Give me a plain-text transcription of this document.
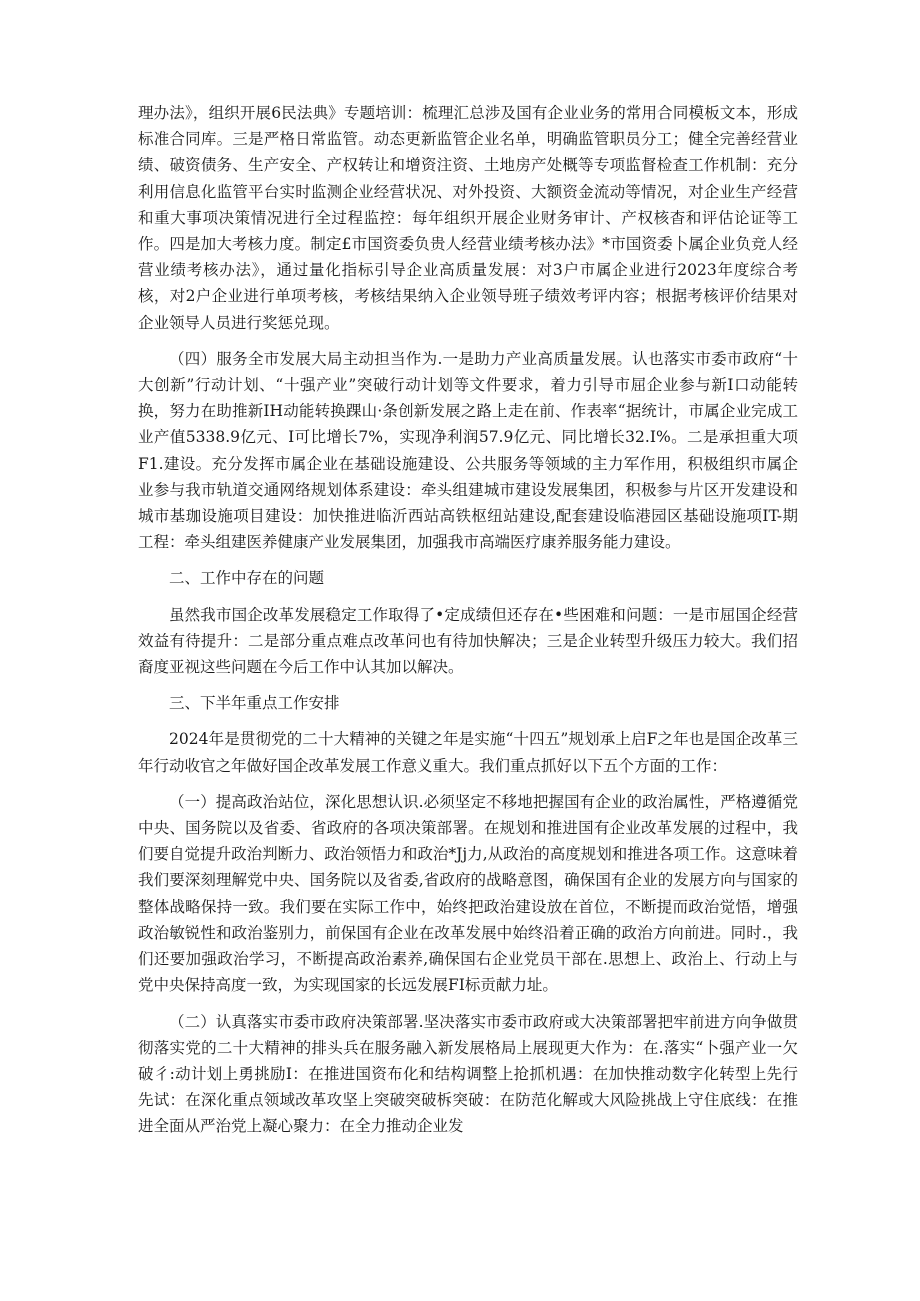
理办法》，组织开展6民法典》专题培训：梳理汇总涉及国有企业业务的常用合同模板文本，形成标准合同库。三是严格日常监管。动态更新监管企业名单，明确监管职员分工；健全完善经营业绩、破资债务、生产安全、产权转让和增资注资、土地房产处概等专项监督检查工作机制：充分利用信息化监管平台实时监测企业经营状况、对外投资、大额资金流动等情况，对企业生产经营和重大事项决策情况进行全过程监控：每年组织开展企业财务审计、产权核杳和评估论证等工作。四是加大考核力度。制定£市国资委负贵人经营业绩考核办法》*市国资委卜属企业负竞人经营业绩考核办法》，通过量化指标引导企业高质量发展：对3户市属企业进行2023年度综合考核，对2户企业进行单项考核，考核结果纳入企业领导班子绩效考评内容；根据考核评价结果对企业领导人员进行奖惩兑现。

（四）服务全市发展大局主动担当作为.一是助力产业高质量发展。认也落实市委市政府“十大创新”行动计划、“十强产业”突破行动计划等文件要求，着力引导市屈企业参与新I口动能转换，努力在助推新IH动能转换踝山·条创新发展之路上走在前、作表率“据统计，市属企业完成工业产值5338.9亿元、I可比增长7%，实现净利润57.9亿元、同比增长32.I%。二是承担重大项F1.建设。充分发挥市属企业在基础设施建设、公共服务等领域的主力军作用，积极组织市属企业参与我市轨道交通网络规划体系建设：牵头组建城市建设发展集团，积极参与片区开发建设和城市基珈设施项目建设：加快推进临沂西站高铁枢纽站建设,配套建设临港园区基础设施项IT-期工程：牵头组建医养健康产业发展集团，加强我市高端医疗康养服务能力建设。

二、工作中存在的问题

虽然我市国企改革发展稳定工作取得了•定成绩但还存在•些困难和问题：一是市屈国企经营效益有待提升：二是部分重点难点改革问也有待加快解决；三是企业转型升级压力较大。我们招裔度亚视这些问题在今后工作中认其加以解决。

三、下半年重点工作安排

2024年是贯彻党的二十大精神的关键之年是实施“十四五”规划承上启F之年也是国企改革三年行动收官之年做好国企改革发展工作意义重大。我们重点抓好以下五个方面的工作：

（一）提高政治站位，深化思想认识.必须坚定不移地把握国有企业的政治属性，严格遵循党中央、国务院以及省委、省政府的各项决策部署。在规划和推进国有企业改革发展的过程中，我们要自觉提升政治判断力、政治领悟力和政治*Jj力,从政治的高度规划和推进各项工作。这意味着我们要深刻理解党中央、国务院以及省委,省政府的战略意图，确保国有企业的发展方向与国家的整体战略保持一致。我们要在实际工作中，始终把政治建设放在首位，不断提而政治觉悟，增强政治敏锐性和政治鉴别力，前保国有企业在改革发展中始终沿着正确的政治方向前进。同时.，我们还要加强政治学习，不断提高政治素养,确保国右企业党员干部在.思想上、政治上、行动上与党中央保持高度一致，为实现国家的长远发展FI标贡献力址。

（二）认真落实市委市政府决策部署.坚决落实市委市政府或大决策部署把牢前进方向争做贯彻落实党的二十大精神的排头兵在服务融入新发展格局上展现更大作为：在.落实“卜强产业一欠破彳:动计划上勇挑励I：在推进国资布化和结构调整上抢抓机遇：在加快推动数字化转型上先行先试：在深化重点领域改革攻坚上突破突破柝突破：在防范化解或大风险挑战上守住底线：在推进全面从严治党上凝心聚力：在全力推动企业发
